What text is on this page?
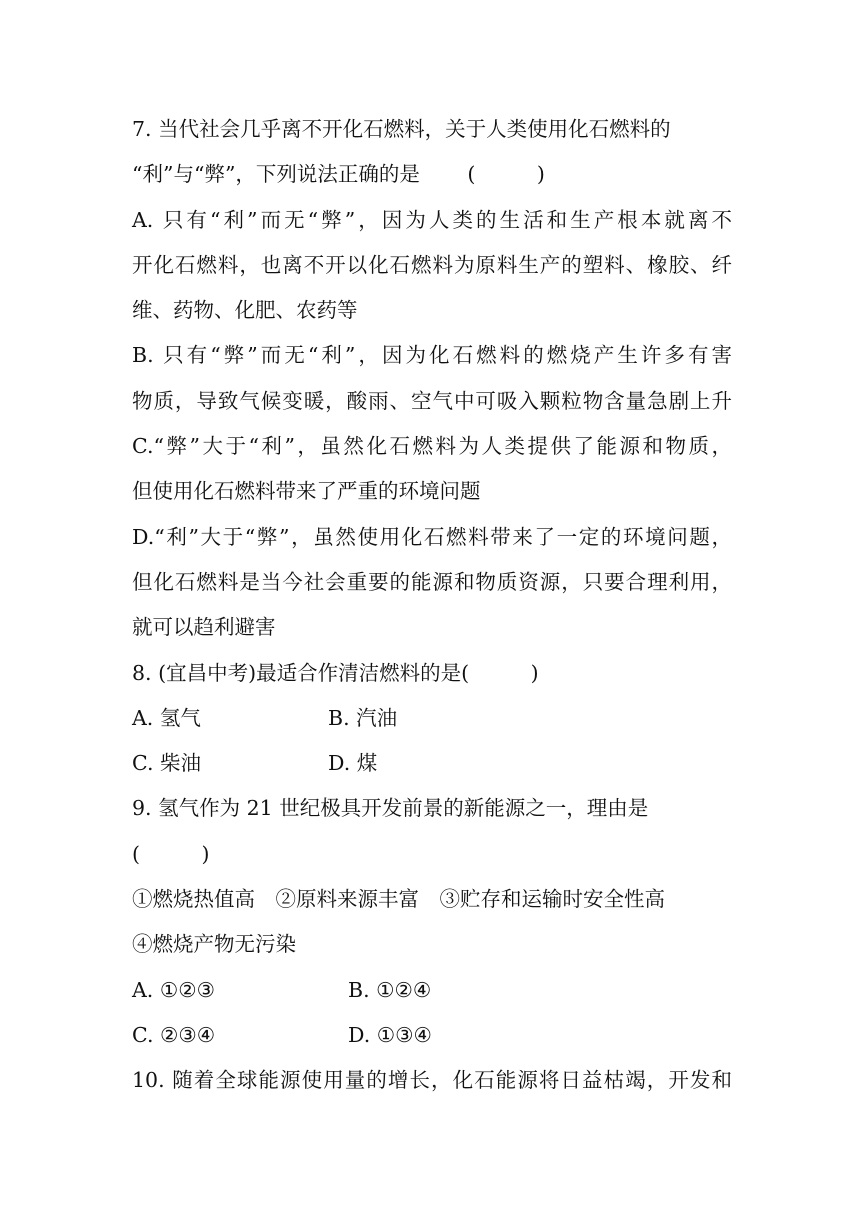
7. 当代社会几乎离不开化石燃料，关于人类使用化石燃料的
“利”与“弊”，下列说法正确的是　　 (　　　)
A. 只有“利”而无“弊”，因为人类的生活和生产根本就离不
开化石燃料，也离不开以化石燃料为原料生产的塑料、橡胶、纤
维、药物、化肥、农药等
B. 只有“弊”而无“利”，因为化石燃料的燃烧产生许多有害
物质，导致气候变暖，酸雨、空气中可吸入颗粒物含量急剧上升
C.“弊”大于“利”，虽然化石燃料为人类提供了能源和物质，
但使用化石燃料带来了严重的环境问题
D.“利”大于“弊”，虽然使用化石燃料带来了一定的环境问题，
但化石燃料是当今社会重要的能源和物质资源，只要合理利用，
就可以趋利避害
8. (宜昌中考)最适合作清洁燃料的是(　　　)
A. 氢气	B. 汽油
C. 柴油	D. 煤
9. 氢气作为 21 世纪极具开发前景的新能源之一，理由是
(　　　)
①燃烧热值高　②原料来源丰富　③贮存和运输时安全性高
④燃烧产物无污染
A. ①②③	B. ①②④
C. ②③④	D. ①③④
10. 随着全球能源使用量的增长，化石能源将日益枯竭，开发和
